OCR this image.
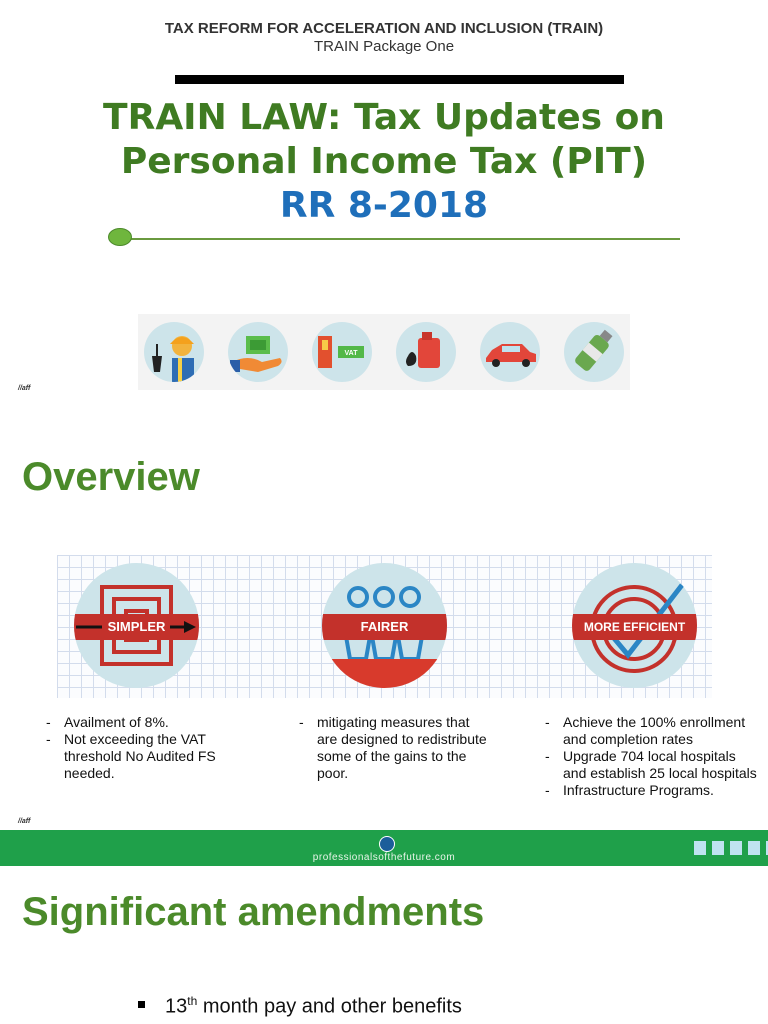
TAX REFORM FOR ACCELERATION AND INCLUSION (TRAIN)
TRAIN Package One
TRAIN LAW: Tax Updates on
Personal Income Tax (PIT)
RR 8-2018
VAT
//aff
Overview
SIMPLER	FAIRER	MORE EFFICIENT
- Availment of 8%.
- Not exceeding the VAT threshold No Audited FS needed.
- mitigating measures that are designed to redistribute some of the gains to the poor.
- Achieve the 100% enrollment and completion rates
- Upgrade 704 local hospitals and establish 25 local hospitals
- Infrastructure Programs.
//aff
professionalsofthefuture.com
Significant amendments
13th month pay and other benefits
